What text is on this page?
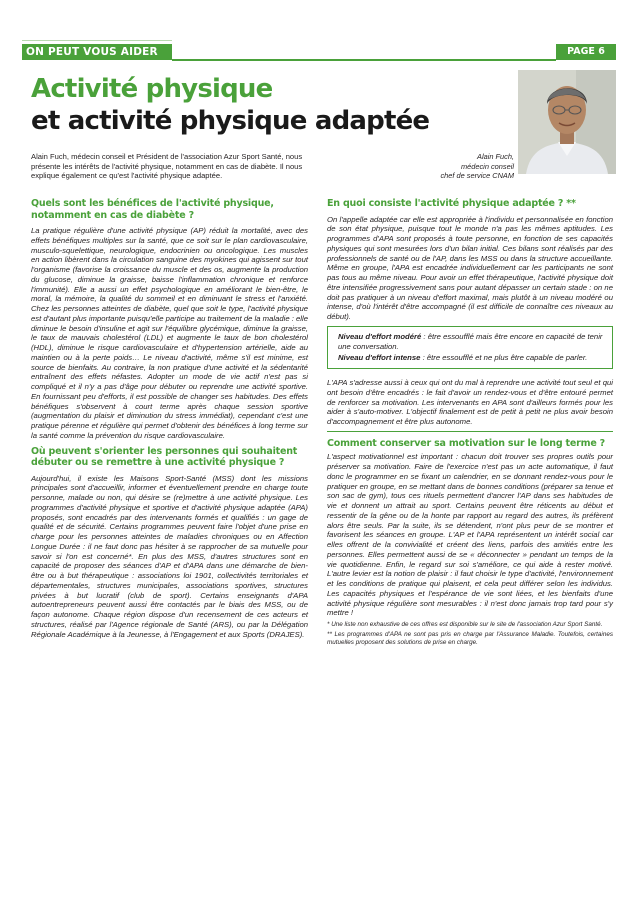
ON PEUT VOUS AIDER	PAGE 6
Activité physique
et activité physique adaptée
Alain Fuch, médecin conseil et Président de l'association Azur Sport Santé, nous présente les intérêts de l'activité physique, notamment en cas de diabète. Il nous explique également ce qu'est l'activité physique adaptée.
Alain Fuch,
médecin conseil
chef de service CNAM
Quels sont les bénéfices de l'activité physique, notamment en cas de diabète ?

La pratique régulière d'une activité physique (AP) réduit la mortalité, avec des effets bénéfiques multiples sur la santé, que ce soit sur le plan cardiovasculaire, musculo-squelettique, neurologique, endocrinien ou oncologique. Les muscles en action libèrent dans la circulation sanguine des myokines qui agissent sur tout l'organisme (favorise la croissance du muscle et des os, augmente la production du glucose, diminue la graisse, baisse l'inflammation chronique et renforce l'immunité). Elle a aussi un effet psychologique en améliorant le bien-être, le moral, la mémoire, la qualité du sommeil et en diminuant le stress et l'anxiété. Chez les personnes atteintes de diabète, quel que soit le type, l'activité physique est d'autant plus importante puisqu'elle participe au traitement de la maladie : elle diminue le besoin d'insuline et agit sur l'équilibre glycémique, diminue la graisse, le taux de mauvais cholestérol (LDL) et augmente le taux de bon cholestérol (HDL), diminue le risque cardiovasculaire et d'hypertension artérielle, aide au maintien ou à la perte poids… Le niveau d'activité, même s'il est minime, est source de bienfaits. Au contraire, la non pratique d'une activité et la sédentarité entraînent des effets néfastes. Adopter un mode de vie actif n'est pas si compliqué et il n'y a pas d'âge pour débuter ou reprendre une activité sportive. En fournissant peu d'efforts, il est possible de changer ses habitudes. Des effets bénéfiques s'observent à court terme après chaque session sportive (augmentation du plaisir et diminution du stress immédiat), cependant c'est une pratique pérenne et régulière qui permet d'obtenir des bénéfices à long terme sur la santé comme la prévention du risque cardiovasculaire.

Où peuvent s'orienter les personnes qui souhaitent débuter ou se remettre à une activité physique ?

Aujourd'hui, il existe les Maisons Sport-Santé (MSS) dont les missions principales sont d'accueillir, informer et éventuellement prendre en charge toute personne, malade ou non, qui désire se (re)mettre à une activité physique. Les programmes d'activité physique et sportive et d'activité physique adaptée (APA) proposés, sont encadrés par des intervenants formés et qualifiés : un gage de qualité et de sécurité. Certains programmes peuvent faire l'objet d'une prise en charge pour les personnes atteintes de maladies chroniques ou en Affection Longue Durée : il ne faut donc pas hésiter à se rapprocher de sa mutuelle pour savoir si l'on est concerné*. En plus des MSS, d'autres structures sont en capacité de proposer des séances d'AP et d'APA dans une démarche de bien-être ou à but thérapeutique : associations loi 1901, collectivités territoriales et départementales, structures municipales, associations sportives, structures privées à but lucratif (club de sport). Certains enseignants d'APA autoentrepreneurs peuvent aussi être contactés par le biais des MSS, ou de façon autonome. Chaque région dispose d'un recensement de ces acteurs et structures, réalisé par l'Agence régionale de Santé (ARS), ou par la Délégation Régionale Académique à la Jeunesse, à l'Engagement et aux Sports (DRAJES).

En quoi consiste l'activité physique adaptée ? **

On l'appelle adaptée car elle est appropriée à l'individu et personnalisée en fonction de son état physique, puisque tout le monde n'a pas les mêmes aptitudes. Les programmes d'APA sont proposés à toute personne, en fonction de ses capacités physiques qui sont mesurées lors d'un bilan initial. Ces bilans sont réalisés par des professionnels de santé ou de l'AP, dans les MSS ou dans la structure accueillante. Même en groupe, l'APA est encadrée individuellement car les participants ne sont pas tous au même niveau. Pour avoir un effet thérapeutique, l'activité physique doit être intensifiée progressivement sans pour autant dépasser un certain stade : on ne doit pas pratiquer à un niveau d'effort maximal, mais plutôt à un niveau modéré ou intense, d'où l'intérêt d'être accompagné (il est difficile de connaître ces niveaux au début).

Niveau d'effort modéré : être essoufflé mais être encore en capacité de tenir une conversation.

Niveau d'effort intense : être essoufflé et ne plus être capable de parler.

L'APA s'adresse aussi à ceux qui ont du mal à reprendre une activité tout seul et qui ont besoin d'être encadrés : le fait d'avoir un rendez-vous et d'être entouré permet de renforcer sa motivation. Les intervenants en APA sont d'ailleurs formés pour les aider à s'auto-motiver. L'objectif finalement est de petit à petit ne plus avoir besoin d'accompagnement et être plus autonome.

Comment conserver sa motivation sur le long terme ?

L'aspect motivationnel est important : chacun doit trouver ses propres outils pour préserver sa motivation. Faire de l'exercice n'est pas un acte automatique, il faut donc le programmer en se fixant un calendrier, en se donnant rendez-vous pour le pratiquer en groupe, en se mettant dans de bonnes conditions (préparer sa tenue et son sac de gym), tous ces rituels permettent d'ancrer l'AP dans ses habitudes de vie et donnent un attrait au sport. Certains peuvent être réticents au début et ressentir de la gêne ou de la honte par rapport au regard des autres, ils préfèrent alors être seuls. Par la suite, ils se détendent, n'ont plus peur de se montrer et favorisent les séances en groupe. L'AP et l'APA représentent un intérêt social car elles offrent de la convivialité et créent des liens, parfois des amitiés entre les personnes. Elles permettent aussi de se « déconnecter » pendant un temps de la vie quotidienne. Enfin, le regard sur soi s'améliore, ce qui aide à rester motivé. L'autre levier est la notion de plaisir : il faut choisir le type d'activité, l'environnement et les conditions de pratique qui plaisent, et cela peut différer selon les individus. Les capacités physiques et l'espérance de vie sont liées, et les bienfaits d'une activité physique régulière sont mesurables : il n'est donc jamais trop tard pour s'y mettre !

* Une liste non exhaustive de ces offres est disponible sur le site de l'association Azur Sport Santé.

** Les programmes d'APA ne sont pas pris en charge par l'Assurance Maladie. Toutefois, certaines mutuelles proposent des solutions de prise en charge.
